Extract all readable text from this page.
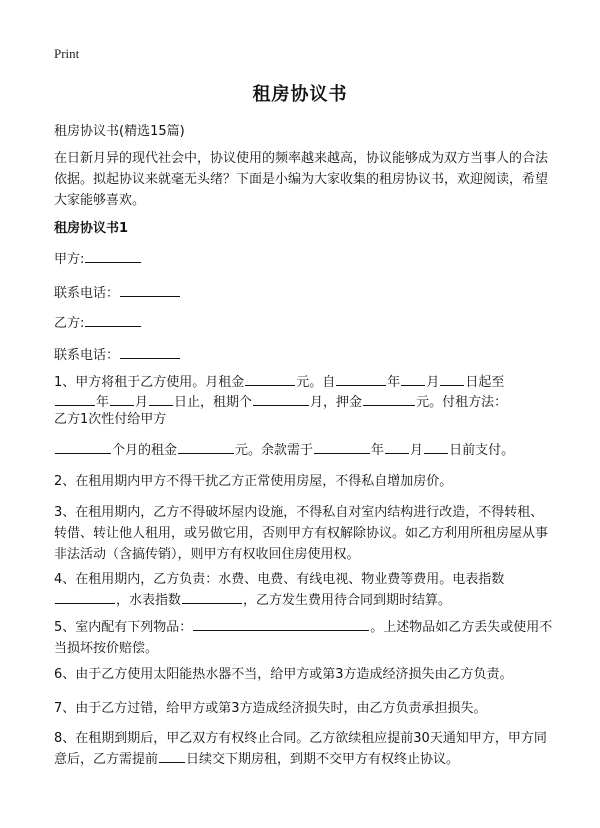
Print
租房协议书
租房协议书(精选15篇)
在日新月异的现代社会中，协议使用的频率越来越高，协议能够成为双方当事人的合法依据。拟起协议来就毫无头绪？下面是小编为大家收集的租房协议书，欢迎阅读，希望大家能够喜欢。
租房协议书1
甲方:
联系电话：
乙方:
联系电话：
1、甲方将租于乙方使用。月租金	元。自	年 月 日起至
年 月 日止，租期个	月，押金	元。付租方法：
乙方1次性付给甲方
个月的租金	元。余款需于	年 月 日前支付。
2、在租用期内甲方不得干扰乙方正常使用房屋，不得私自增加房价。
3、在租用期内，乙方不得破坏屋内设施，不得私自对室内结构进行改造，不得转租、转借、转让他人租用，或另做它用，否则甲方有权解除协议。如乙方利用所租房屋从事非法活动（含搞传销），则甲方有权收回住房使用权。
4、在租用期内，乙方负责：水费、电费、有线电视、物业费等费用。电表指数
，水表指数	，乙方发生费用待合同到期时结算。
5、室内配有下列物品：	。上述物品如乙方丢失或使用不当损坏按价赔偿。
6、由于乙方使用太阳能热水器不当，给甲方或第3方造成经济损失由乙方负责。
7、由于乙方过错，给甲方或第3方造成经济损失时，由乙方负责承担损失。
8、在租期到期后，甲乙双方有权终止合同。乙方欲续租应提前30天通知甲方，甲方同意后，乙方需提前 日续交下期房租，到期不交甲方有权终止协议。
